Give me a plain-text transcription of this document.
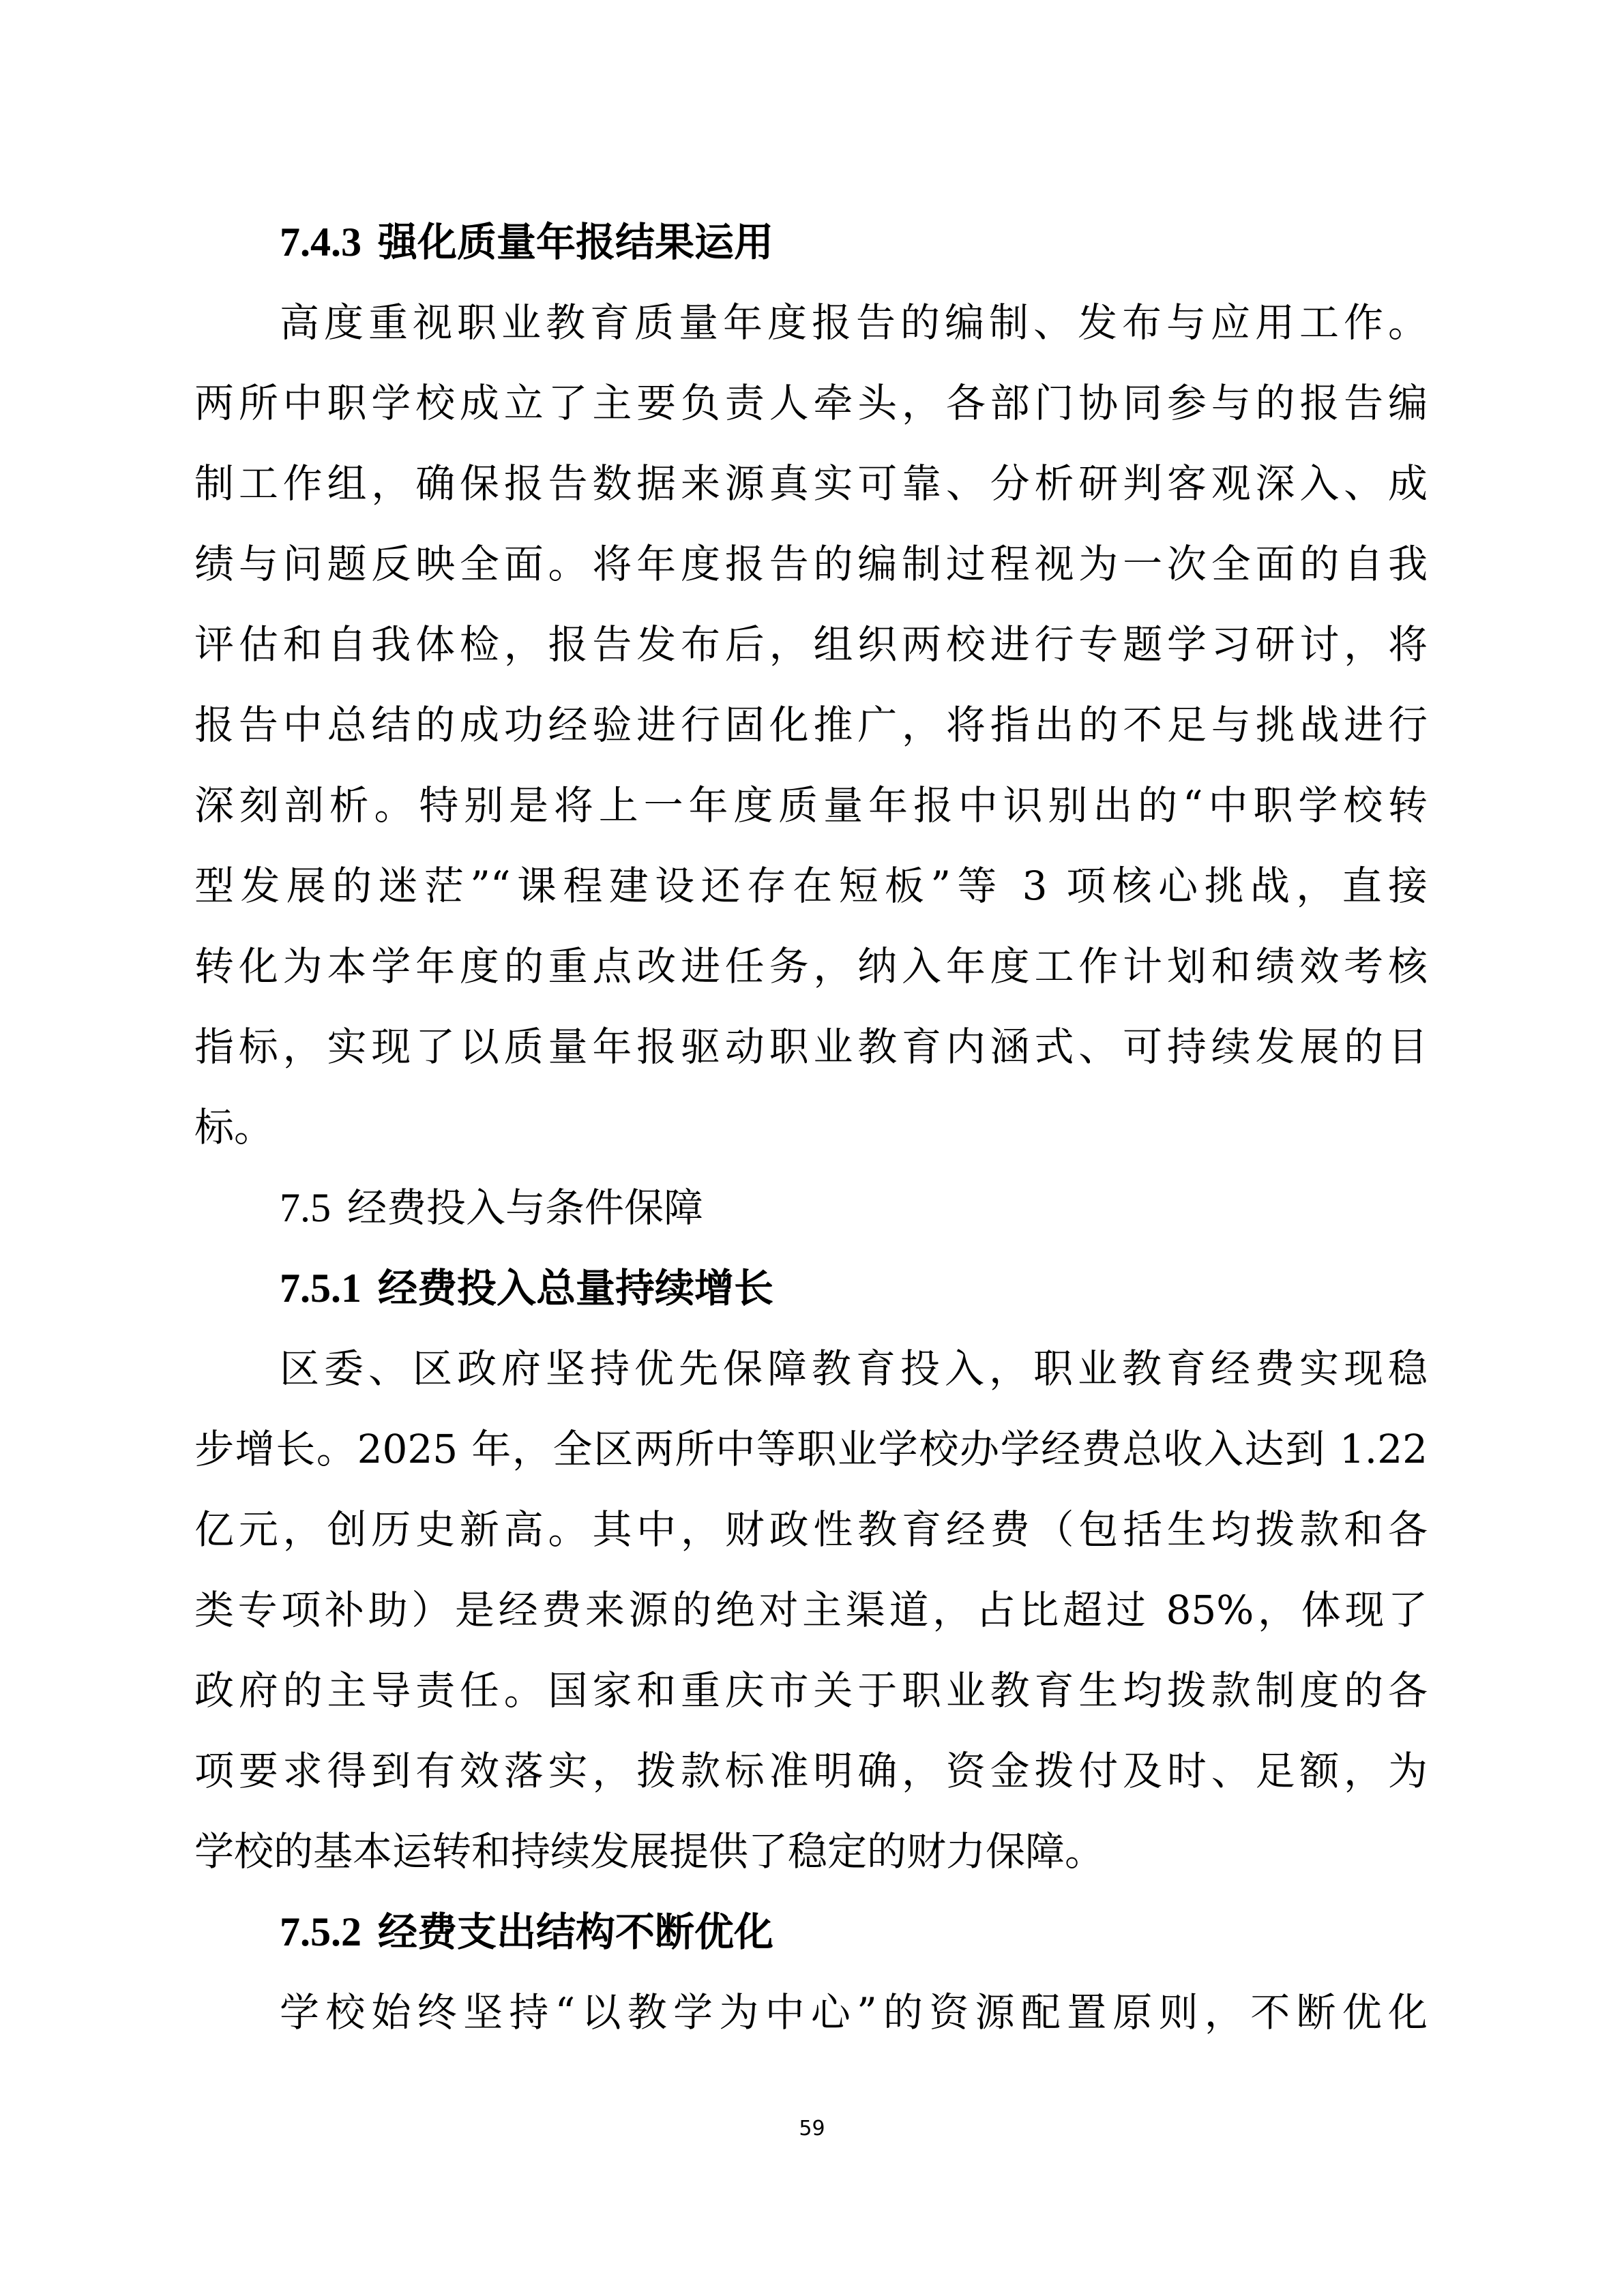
7.4.3 强化质量年报结果运用
高度重视职业教育质量年度报告的编制、发布与应用工作。
两所中职学校成立了主要负责人牵头，各部门协同参与的报告编
制工作组，确保报告数据来源真实可靠、分析研判客观深入、成
绩与问题反映全面。将年度报告的编制过程视为一次全面的自我
评估和自我体检，报告发布后，组织两校进行专题学习研讨，将
报告中总结的成功经验进行固化推广，将指出的不足与挑战进行
深刻剖析。特别是将上一年度质量年报中识别出的“中职学校转
型发展的迷茫”“课程建设还存在短板”等 3 项核心挑战，直接
转化为本学年度的重点改进任务，纳入年度工作计划和绩效考核
指标，实现了以质量年报驱动职业教育内涵式、可持续发展的目
标。
7.5 经费投入与条件保障
7.5.1 经费投入总量持续增长
区委、区政府坚持优先保障教育投入，职业教育经费实现稳
步增长。2025 年，全区两所中等职业学校办学经费总收入达到 1.22
亿元，创历史新高。其中，财政性教育经费（包括生均拨款和各
类专项补助）是经费来源的绝对主渠道，占比超过 85%，体现了
政府的主导责任。国家和重庆市关于职业教育生均拨款制度的各
项要求得到有效落实，拨款标准明确，资金拨付及时、足额，为
学校的基本运转和持续发展提供了稳定的财力保障。
7.5.2 经费支出结构不断优化
学校始终坚持“以教学为中心”的资源配置原则，不断优化
59
